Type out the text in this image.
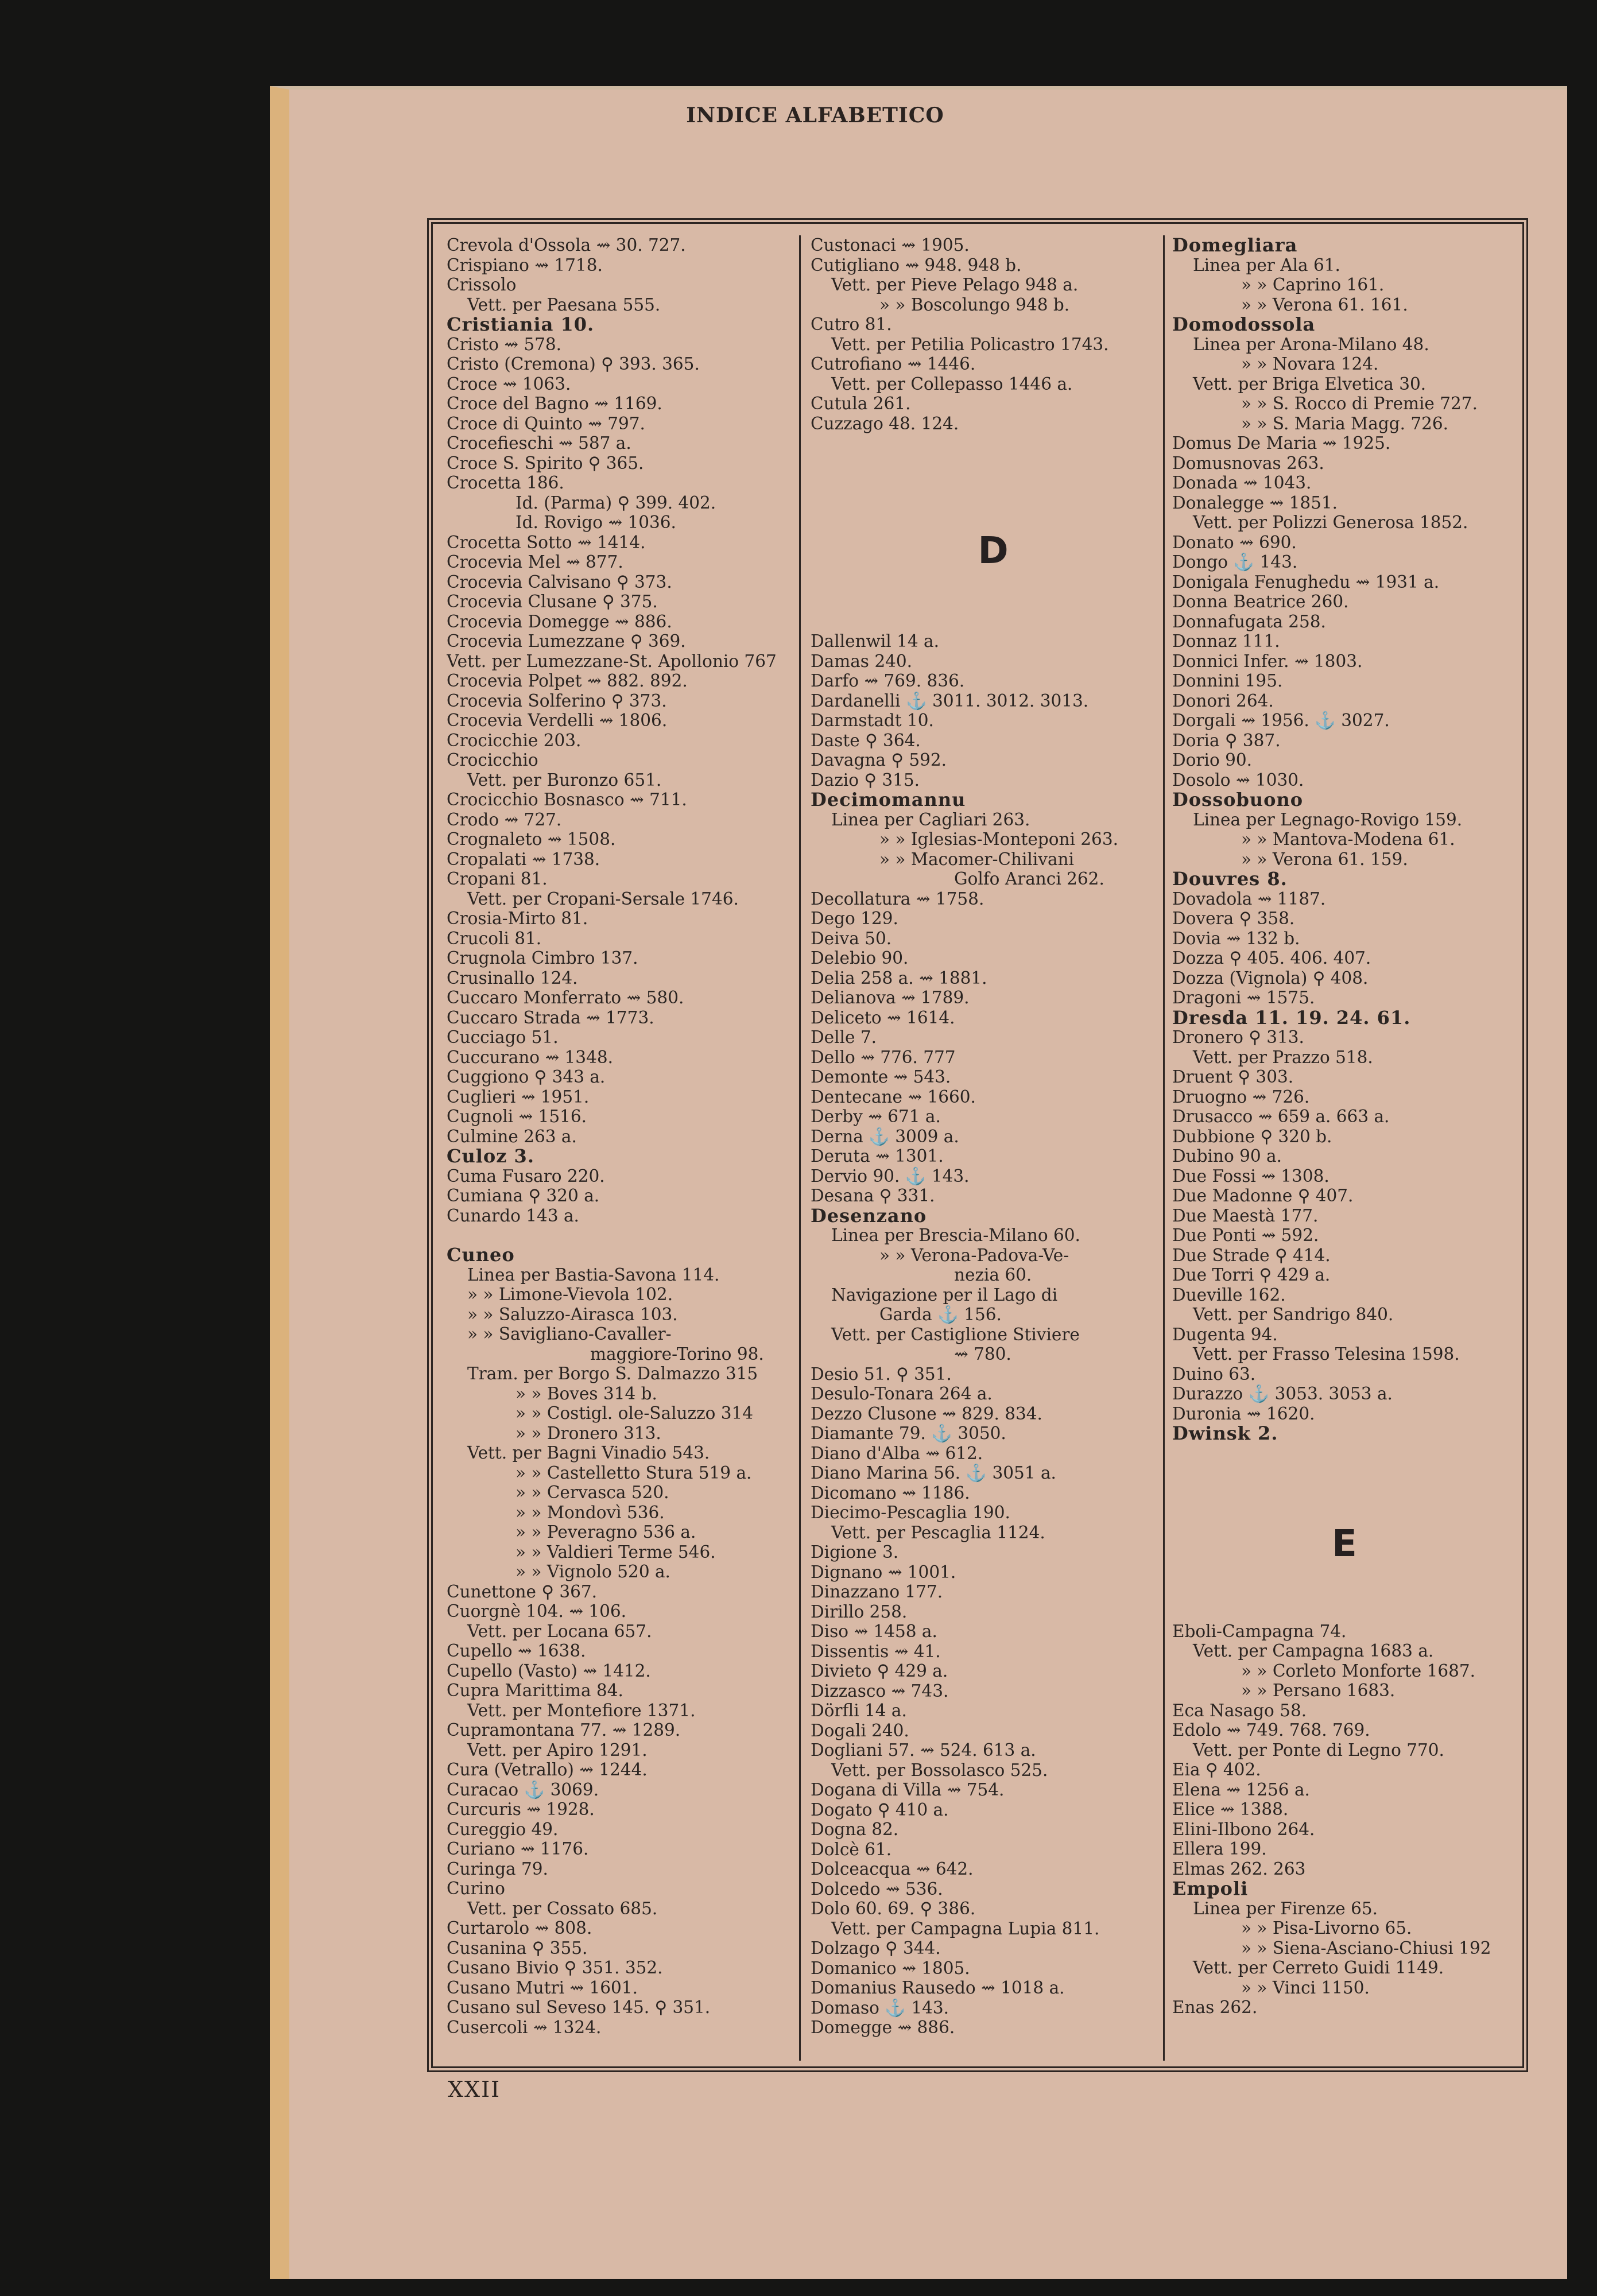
INDICE ALFABETICO

Crevola d'Ossola ⇝ 30. 727.

Crispiano ⇝ 1718.

Crissolo

Vett. per Paesana 555.

Cristiania 10.

Cristo ⇝ 578.

Cristo (Cremona) ⚲ 393. 365.

Croce ⇝ 1063.

Croce del Bagno ⇝ 1169.

Croce di Quinto ⇝ 797.

Crocefieschi ⇝ 587 a.

Croce S. Spirito ⚲ 365.

Crocetta 186.

Id. (Parma) ⚲ 399. 402.

Id. Rovigo ⇝ 1036.

Crocetta Sotto ⇝ 1414.

Crocevia Mel ⇝ 877.

Crocevia Calvisano ⚲ 373.

Crocevia Clusane ⚲ 375.

Crocevia Domegge ⇝ 886.

Crocevia Lumezzane ⚲ 369.

Vett. per Lumezzane-St. Apollonio 767

Crocevia Polpet ⇝ 882. 892.

Crocevia Solferino ⚲ 373.

Crocevia Verdelli ⇝ 1806.

Crocicchie 203.

Crocicchio

Vett. per Buronzo 651.

Crocicchio Bosnasco ⇝ 711.

Crodo ⇝ 727.

Crognaleto ⇝ 1508.

Cropalati ⇝ 1738.

Cropani 81.

Vett. per Cropani-Sersale 1746.

Crosia-Mirto 81.

Crucoli 81.

Crugnola Cimbro 137.

Crusinallo 124.

Cuccaro Monferrato ⇝ 580.

Cuccaro Strada ⇝ 1773.

Cucciago 51.

Cuccurano ⇝ 1348.

Cuggiono ⚲ 343 a.

Cuglieri ⇝ 1951.

Cugnoli ⇝ 1516.

Culmine 263 a.

Culoz 3.

Cuma Fusaro 220.

Cumiana ⚲ 320 a.

Cunardo 143 a.

Cuneo

Linea per Bastia-Savona 114.

» » Limone-Vievola 102.

» » Saluzzo-Airasca 103.

» » Savigliano-Cavaller-

maggiore-Torino 98.

Tram. per Borgo S. Dalmazzo 315

» » Boves 314 b.

» » Costigl. ole-Saluzzo 314

» » Dronero 313.

Vett. per Bagni Vinadio 543.

» » Castelletto Stura 519 a.

» » Cervasca 520.

» » Mondovì 536.

» » Peveragno 536 a.

» » Valdieri Terme 546.

» » Vignolo 520 a.

Cunettone ⚲ 367.

Cuorgnè 104. ⇝ 106.

Vett. per Locana 657.

Cupello ⇝ 1638.

Cupello (Vasto) ⇝ 1412.

Cupra Marittima 84.

Vett. per Montefiore 1371.

Cupramontana 77. ⇝ 1289.

Vett. per Apiro 1291.

Cura (Vetrallo) ⇝ 1244.

Curacao ⚓ 3069.

Curcuris ⇝ 1928.

Cureggio 49.

Curiano ⇝ 1176.

Curinga 79.

Curino

Vett. per Cossato 685.

Curtarolo ⇝ 808.

Cusanina ⚲ 355.

Cusano Bivio ⚲ 351. 352.

Cusano Mutri ⇝ 1601.

Cusano sul Seveso 145. ⚲ 351.

Cusercoli ⇝ 1324.

Custonaci ⇝ 1905.

Cutigliano ⇝ 948. 948 b.

Vett. per Pieve Pelago 948 a.

» » Boscolungo 948 b.

Cutro 81.

Vett. per Petilia Policastro 1743.

Cutrofiano ⇝ 1446.

Vett. per Collepasso 1446 a.

Cutula 261.

Cuzzago 48. 124.

D

Dallenwil 14 a.

Damas 240.

Darfo ⇝ 769. 836.

Dardanelli ⚓ 3011. 3012. 3013.

Darmstadt 10.

Daste ⚲ 364.

Davagna ⚲ 592.

Dazio ⚲ 315.

Decimomannu

Linea per Cagliari 263.

» » Iglesias-Monteponi 263.

» » Macomer-Chilivani

Golfo Aranci 262.

Decollatura ⇝ 1758.

Dego 129.

Deiva 50.

Delebio 90.

Delia 258 a. ⇝ 1881.

Delianova ⇝ 1789.

Deliceto ⇝ 1614.

Delle 7.

Dello ⇝ 776. 777

Demonte ⇝ 543.

Dentecane ⇝ 1660.

Derby ⇝ 671 a.

Derna ⚓ 3009 a.

Deruta ⇝ 1301.

Dervio 90. ⚓ 143.

Desana ⚲ 331.

Desenzano

Linea per Brescia-Milano 60.

» » Verona-Padova-Ve-

nezia 60.

Navigazione per il Lago di

Garda ⚓ 156.

Vett. per Castiglione Stiviere

⇝ 780.

Desio 51. ⚲ 351.

Desulo-Tonara 264 a.

Dezzo Clusone ⇝ 829. 834.

Diamante 79. ⚓ 3050.

Diano d'Alba ⇝ 612.

Diano Marina 56. ⚓ 3051 a.

Dicomano ⇝ 1186.

Diecimo-Pescaglia 190.

Vett. per Pescaglia 1124.

Digione 3.

Dignano ⇝ 1001.

Dinazzano 177.

Dirillo 258.

Diso ⇝ 1458 a.

Dissentis ⇝ 41.

Divieto ⚲ 429 a.

Dizzasco ⇝ 743.

Dörfli 14 a.

Dogali 240.

Dogliani 57. ⇝ 524. 613 a.

Vett. per Bossolasco 525.

Dogana di Villa ⇝ 754.

Dogato ⚲ 410 a.

Dogna 82.

Dolcè 61.

Dolceacqua ⇝ 642.

Dolcedo ⇝ 536.

Dolo 60. 69. ⚲ 386.

Vett. per Campagna Lupia 811.

Dolzago ⚲ 344.

Domanico ⇝ 1805.

Domanius Rausedo ⇝ 1018 a.

Domaso ⚓ 143.

Domegge ⇝ 886.

Domegliara

Linea per Ala 61.

» » Caprino 161.

» » Verona 61. 161.

Domodossola

Linea per Arona-Milano 48.

» » Novara 124.

Vett. per Briga Elvetica 30.

» » S. Rocco di Premie 727.

» » S. Maria Magg. 726.

Domus De Maria ⇝ 1925.

Domusnovas 263.

Donada ⇝ 1043.

Donalegge ⇝ 1851.

Vett. per Polizzi Generosa 1852.

Donato ⇝ 690.

Dongo ⚓ 143.

Donigala Fenughedu ⇝ 1931 a.

Donna Beatrice 260.

Donnafugata 258.

Donnaz 111.

Donnici Infer. ⇝ 1803.

Donnini 195.

Donori 264.

Dorgali ⇝ 1956. ⚓ 3027.

Doria ⚲ 387.

Dorio 90.

Dosolo ⇝ 1030.

Dossobuono

Linea per Legnago-Rovigo 159.

» » Mantova-Modena 61.

» » Verona 61. 159.

Douvres 8.

Dovadola ⇝ 1187.

Dovera ⚲ 358.

Dovia ⇝ 132 b.

Dozza ⚲ 405. 406. 407.

Dozza (Vignola) ⚲ 408.

Dragoni ⇝ 1575.

Dresda 11. 19. 24. 61.

Dronero ⚲ 313.

Vett. per Prazzo 518.

Druent ⚲ 303.

Druogno ⇝ 726.

Drusacco ⇝ 659 a. 663 a.

Dubbione ⚲ 320 b.

Dubino 90 a.

Due Fossi ⇝ 1308.

Due Madonne ⚲ 407.

Due Maestà 177.

Due Ponti ⇝ 592.

Due Strade ⚲ 414.

Due Torri ⚲ 429 a.

Dueville 162.

Vett. per Sandrigo 840.

Dugenta 94.

Vett. per Frasso Telesina 1598.

Duino 63.

Durazzo ⚓ 3053. 3053 a.

Duronia ⇝ 1620.

Dwinsk 2.

E

Eboli-Campagna 74.

Vett. per Campagna 1683 a.

» » Corleto Monforte 1687.

» » Persano 1683.

Eca Nasago 58.

Edolo ⇝ 749. 768. 769.

Vett. per Ponte di Legno 770.

Eia ⚲ 402.

Elena ⇝ 1256 a.

Elice ⇝ 1388.

Elini-Ilbono 264.

Ellera 199.

Elmas 262. 263

Empoli

Linea per Firenze 65.

» » Pisa-Livorno 65.

» » Siena-Asciano-Chiusi 192

Vett. per Cerreto Guidi 1149.

» » Vinci 1150.

Enas 262.

XXII
